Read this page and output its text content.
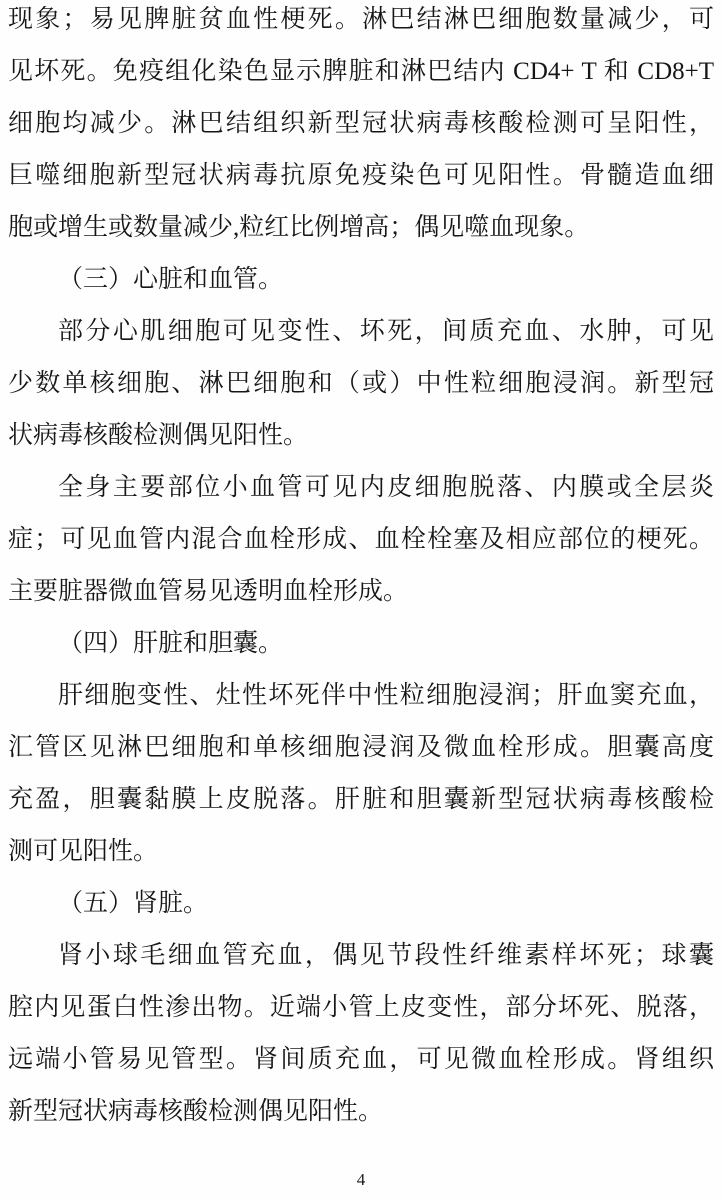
现象；易见脾脏贫血性梗死。淋巴结淋巴细胞数量减少，可
见坏死。免疫组化染色显示脾脏和淋巴结内 CD4+ T 和 CD8+T
细胞均减少。淋巴结组织新型冠状病毒核酸检测可呈阳性，
巨噬细胞新型冠状病毒抗原免疫染色可见阳性。骨髓造血细
胞或增生或数量减少,粒红比例增高；偶见噬血现象。
（三）心脏和血管。
部分心肌细胞可见变性、坏死，间质充血、水肿，可见
少数单核细胞、淋巴细胞和（或）中性粒细胞浸润。新型冠
状病毒核酸检测偶见阳性。
全身主要部位小血管可见内皮细胞脱落、内膜或全层炎
症；可见血管内混合血栓形成、血栓栓塞及相应部位的梗死。
主要脏器微血管易见透明血栓形成。
（四）肝脏和胆囊。
肝细胞变性、灶性坏死伴中性粒细胞浸润；肝血窦充血，
汇管区见淋巴细胞和单核细胞浸润及微血栓形成。胆囊高度
充盈，胆囊黏膜上皮脱落。肝脏和胆囊新型冠状病毒核酸检
测可见阳性。
（五）肾脏。
肾小球毛细血管充血，偶见节段性纤维素样坏死；球囊
腔内见蛋白性渗出物。近端小管上皮变性，部分坏死、脱落，
远端小管易见管型。肾间质充血，可见微血栓形成。肾组织
新型冠状病毒核酸检测偶见阳性。
4
